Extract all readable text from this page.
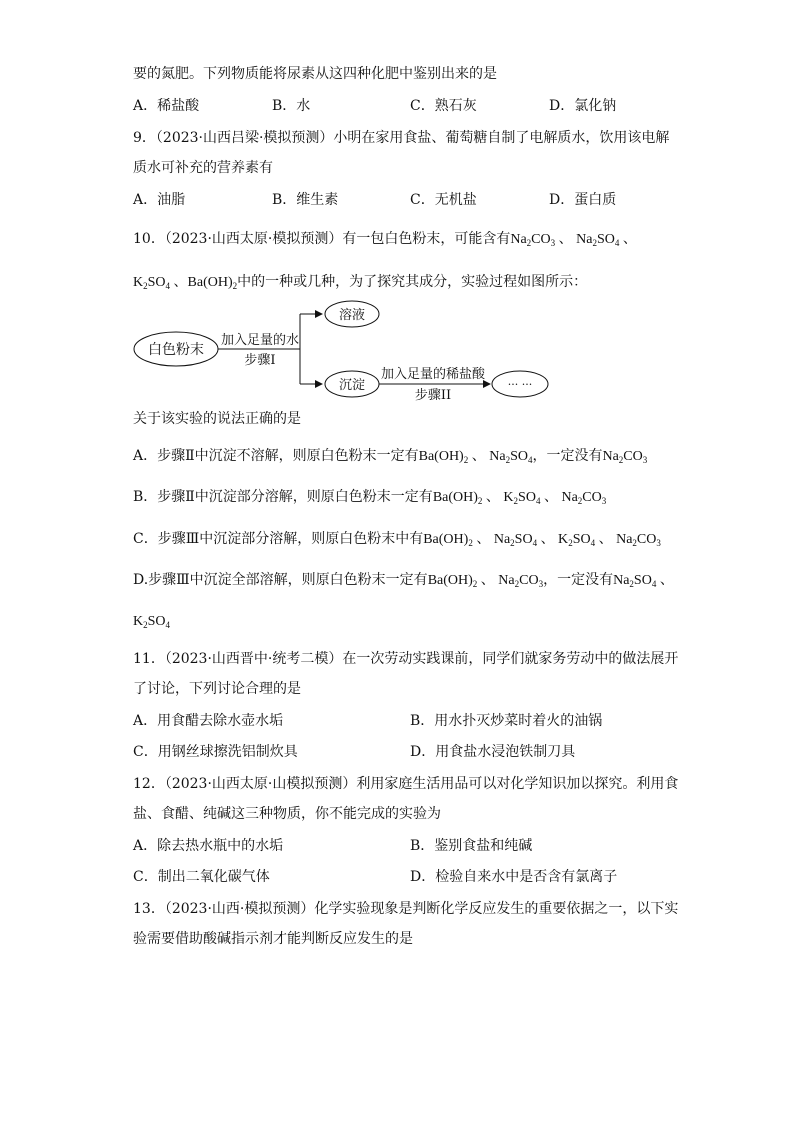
要的氮肥。下列物质能将尿素从这四种化肥中鉴别出来的是
A．稀盐酸	B．水	C．熟石灰	D．氯化钠
9．（2023·山西吕梁·模拟预测）小明在家用食盐、葡萄糖自制了电解质水，饮用该电解
质水可补充的营养素有
A．油脂	B．维生素	C．无机盐	D．蛋白质
10．（2023·山西太原·模拟预测）有一包白色粉末，可能含有$Na_2CO_3$ 、 $Na_2SO_4$ 、
$K_2SO_4$ 、$Ba(OH)_2$中的一种或几种，为了探究其成分，实验过程如图所示：
白色粉末
加入足量的水
步骤I
溶液
沉淀
加入足量的稀盐酸
步骤II
··· ···
关于该实验的说法正确的是
A．步骤Ⅱ中沉淀不溶解，则原白色粉末一定有$Ba(OH)_2$ 、 $Na_2SO_4$，一定没有$Na_2CO_3$
B．步骤Ⅱ中沉淀部分溶解，则原白色粉末一定有$Ba(OH)_2$ 、 $K_2SO_4$ 、 $Na_2CO_3$
C．步骤Ⅲ中沉淀部分溶解，则原白色粉末中有$Ba(OH)_2$ 、 $Na_2SO_4$ 、 $K_2SO_4$ 、 $Na_2CO_3$
D.步骤Ⅲ中沉淀全部溶解，则原白色粉末一定有$Ba(OH)_2$ 、 $Na_2CO_3$，一定没有$Na_2SO_4$ 、
$K_2SO_4$
11．（2023·山西晋中·统考二模）在一次劳动实践课前，同学们就家务劳动中的做法展开
了讨论，下列讨论合理的是
A．用食醋去除水壶水垢	B．用水扑灭炒菜时着火的油锅
C．用钢丝球擦洗铝制炊具	D．用食盐水浸泡铁制刀具
12．（2023·山西太原·山模拟预测）利用家庭生活用品可以对化学知识加以探究。利用食
盐、食醋、纯碱这三种物质，你不能完成的实验为
A．除去热水瓶中的水垢	B．鉴别食盐和纯碱
C．制出二氧化碳气体	D．检验自来水中是否含有氯离子
13．（2023·山西·模拟预测）化学实验现象是判断化学反应发生的重要依据之一，以下实
验需要借助酸碱指示剂才能判断反应发生的是
